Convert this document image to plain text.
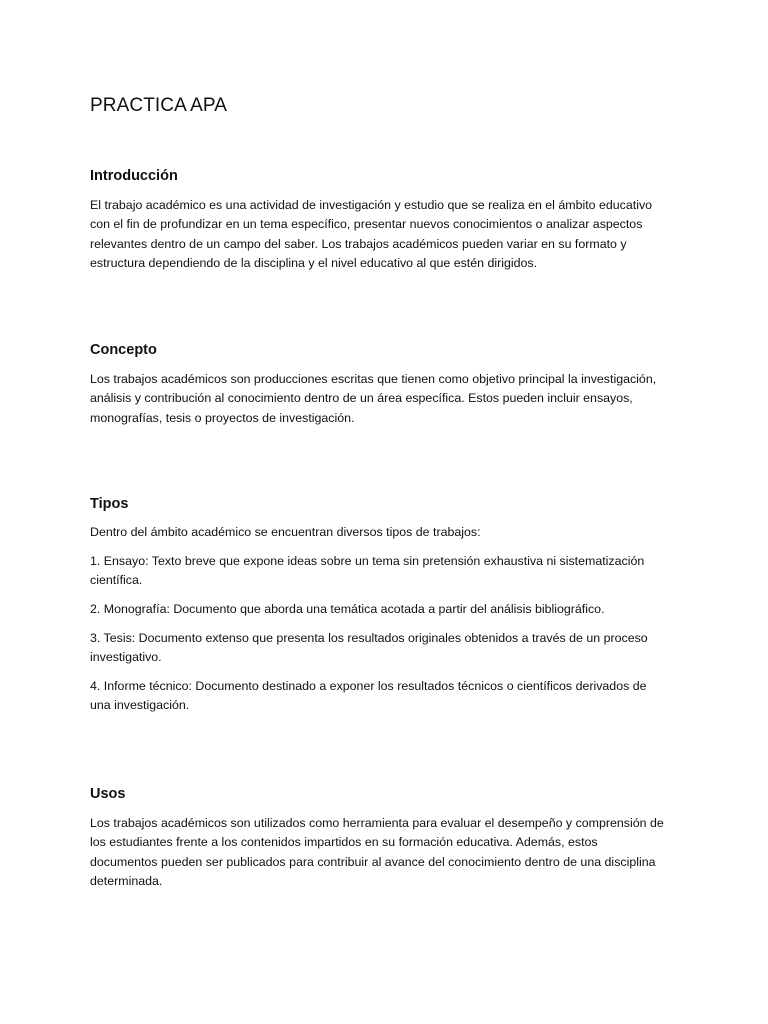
PRACTICA APA
Introducción

El trabajo académico es una actividad de investigación y estudio que se realiza en el ámbito educativo
con el fin de profundizar en un tema específico, presentar nuevos conocimientos o analizar aspectos
relevantes dentro de un campo del saber. Los trabajos académicos pueden variar en su formato y
estructura dependiendo de la disciplina y el nivel educativo al que estén dirigidos.

Concepto

Los trabajos académicos son producciones escritas que tienen como objetivo principal la investigación,
análisis y contribución al conocimiento dentro de un área específica. Estos pueden incluir ensayos,
monografías, tesis o proyectos de investigación.

Tipos

Dentro del ámbito académico se encuentran diversos tipos de trabajos:

1. Ensayo: Texto breve que expone ideas sobre un tema sin pretensión exhaustiva ni sistematización
científica.

2. Monografía: Documento que aborda una temática acotada a partir del análisis bibliográfico.

3. Tesis: Documento extenso que presenta los resultados originales obtenidos a través de un proceso
investigativo.

4. Informe técnico: Documento destinado a exponer los resultados técnicos o científicos derivados de
una investigación.

Usos

Los trabajos académicos son utilizados como herramienta para evaluar el desempeño y comprensión de
los estudiantes frente a los contenidos impartidos en su formación educativa. Además, estos
documentos pueden ser publicados para contribuir al avance del conocimiento dentro de una disciplina
determinada.
